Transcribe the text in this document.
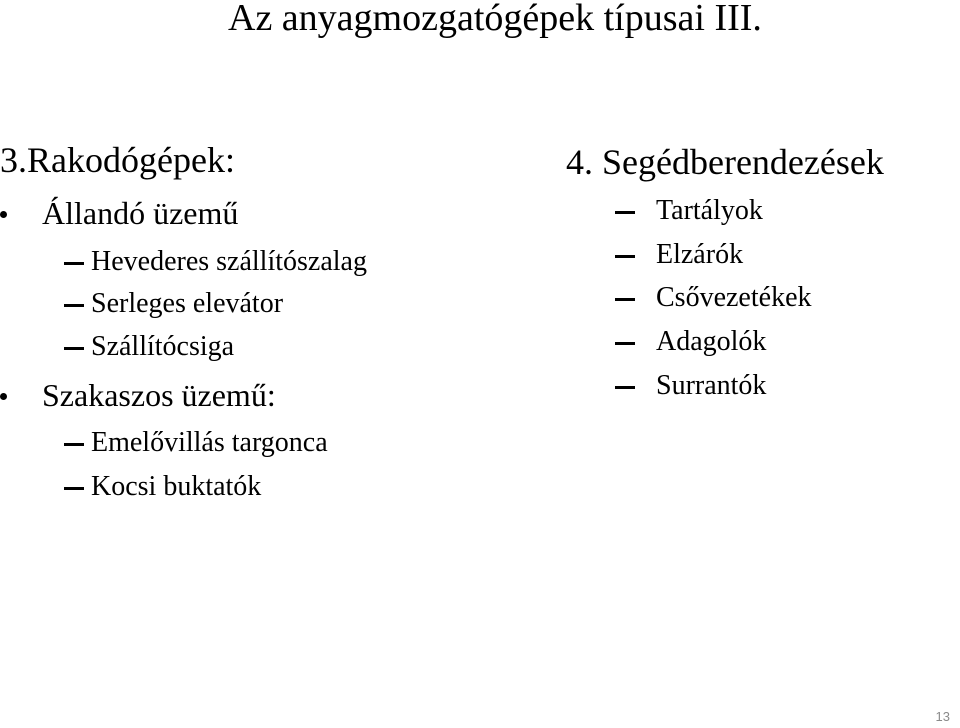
Az anyagmozgatógépek típusai III.
3.Rakodógépek:
Állandó üzemű
Hevederes szállítószalag
Serleges elevátor
Szállítócsiga
Szakaszos üzemű:
Emelővillás targonca
Kocsi buktatók
4. Segédberendezések
Tartályok
Elzárók
Csővezetékek
Adagolók
Surrantók
13
